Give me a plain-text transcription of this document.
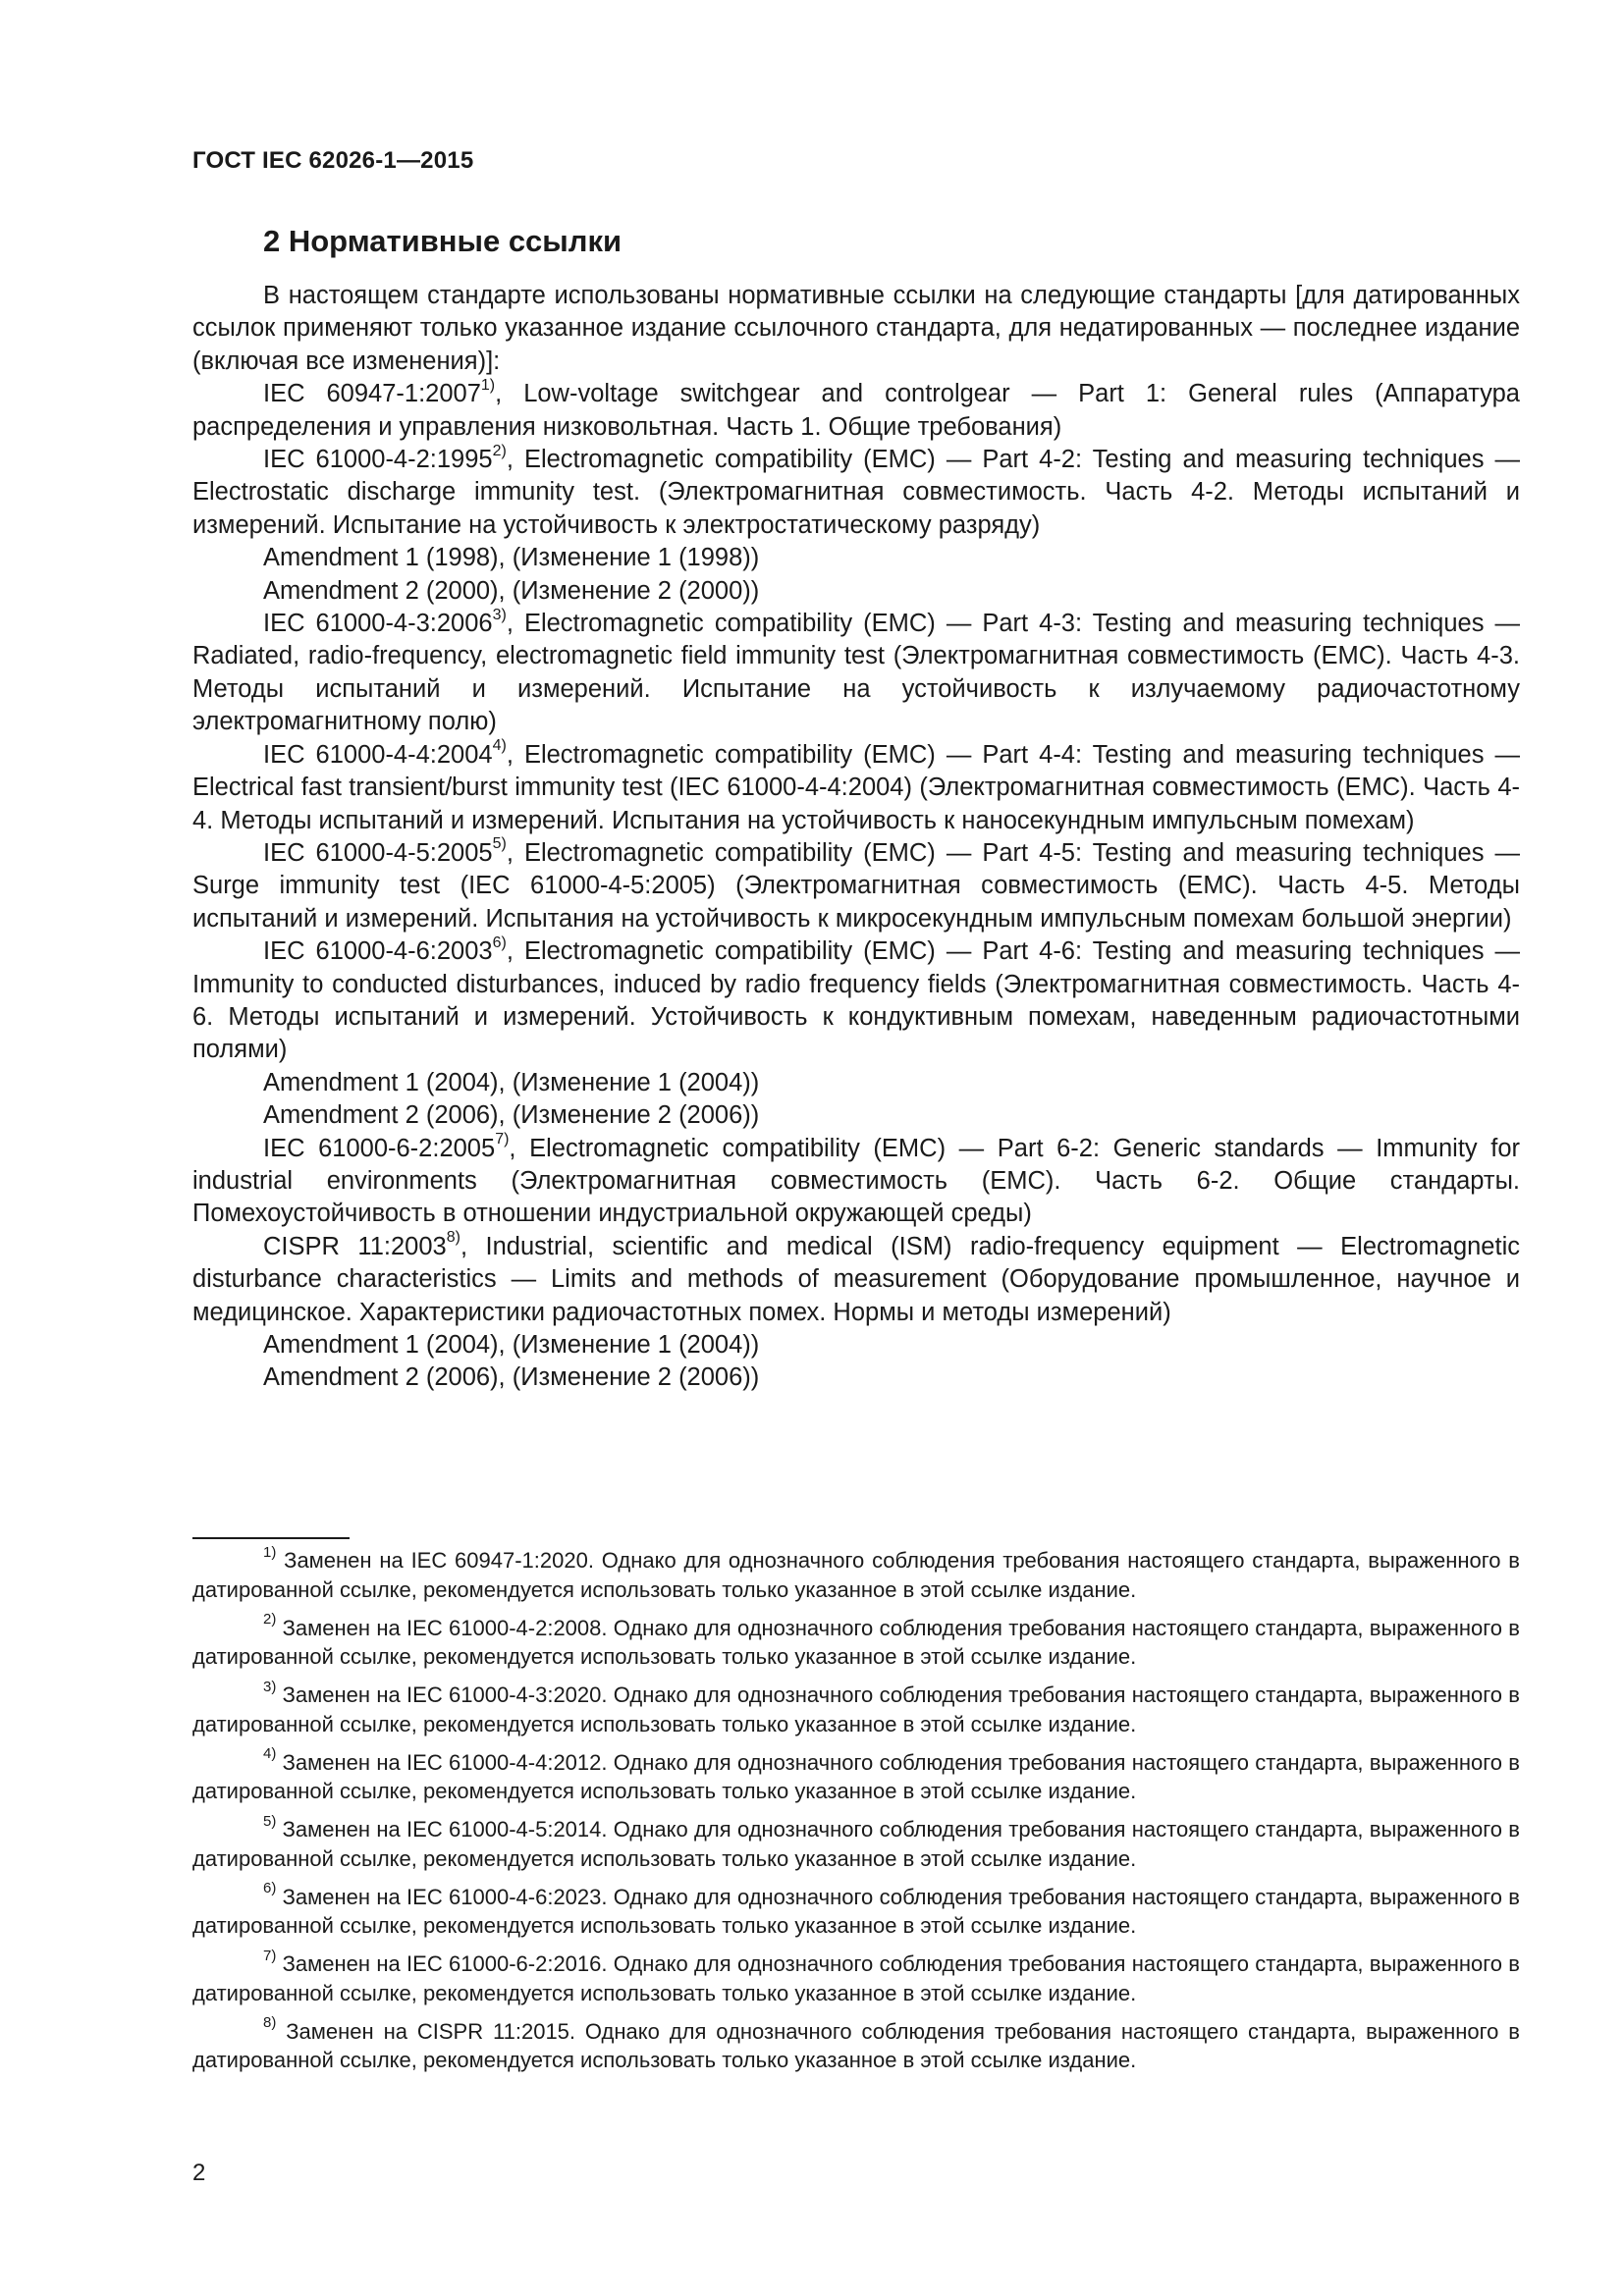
ГОСТ IEC 62026-1—2015
2 Нормативные ссылки

В настоящем стандарте использованы нормативные ссылки на следующие стандарты [для датированных ссылок применяют только указанное издание ссылочного стандарта, для недатированных — последнее издание (включая все изменения)]:

IEC 60947-1:2007$^{1)}$, Low-voltage switchgear and controlgear — Part 1: General rules (Аппаратура распределения и управления низковольтная. Часть 1. Общие требования)

IEC 61000-4-2:1995$^{2)}$, Electromagnetic compatibility (EMC) — Part 4-2: Testing and measuring techniques — Electrostatic discharge immunity test. (Электромагнитная совместимость. Часть 4-2. Методы испытаний и измерений. Испытание на устойчивость к электростатическому разряду)

Amendment 1 (1998), (Изменение 1 (1998))

Amendment 2 (2000), (Изменение 2 (2000))

IEC 61000-4-3:2006$^{3)}$, Electromagnetic compatibility (EMC) — Part 4-3: Testing and measuring techniques — Radiated, radio-frequency, electromagnetic field immunity test (Электромагнитная совместимость (EMC). Часть 4-3. Методы испытаний и измерений. Испытание на устойчивость к излучаемому радиочастотному электромагнитному полю)

IEC 61000-4-4:2004$^{4)}$, Electromagnetic compatibility (EMC) — Part 4-4: Testing and measuring techniques — Electrical fast transient/burst immunity test (IEC 61000-4-4:2004) (Электромагнитная совместимость (EMC). Часть 4-4. Методы испытаний и измерений. Испытания на устойчивость к наносекундным импульсным помехам)

IEC 61000-4-5:2005$^{5)}$, Electromagnetic compatibility (EMC) — Part 4-5: Testing and measuring techniques — Surge immunity test (IEC 61000-4-5:2005) (Электромагнитная совместимость (EMC). Часть 4-5. Методы испытаний и измерений. Испытания на устойчивость к микросекундным импульсным помехам большой энергии)

IEC 61000-4-6:2003$^{6)}$, Electromagnetic compatibility (EMC) — Part 4-6: Testing and measuring techniques — Immunity to conducted disturbances, induced by radio frequency fields (Электромагнитная совместимость. Часть 4-6. Методы испытаний и измерений. Устойчивость к кондуктивным помехам, наведенным радиочастотными полями)

Amendment 1 (2004), (Изменение 1 (2004))

Amendment 2 (2006), (Изменение 2 (2006))

IEC 61000-6-2:2005$^{7)}$, Electromagnetic compatibility (EMC) — Part 6-2: Generic standards — Immunity for industrial environments (Электромагнитная совместимость (EMC). Часть 6-2. Общие стандарты. Помехоустойчивость в отношении индустриальной окружающей среды)

CISPR 11:2003$^{8)}$, Industrial, scientific and medical (ISM) radio-frequency equipment — Electromagnetic disturbance characteristics — Limits and methods of measurement (Оборудование промышленное, научное и медицинское. Характеристики радиочастотных помех. Нормы и методы измерений)

Amendment 1 (2004), (Изменение 1 (2004))

Amendment 2 (2006), (Изменение 2 (2006))

$^{1)}$ Заменен на IEC 60947-1:2020. Однако для однозначного соблюдения требования настоящего стандарта, выраженного в датированной ссылке, рекомендуется использовать только указанное в этой ссылке издание.

$^{2)}$ Заменен на IEC 61000-4-2:2008. Однако для однозначного соблюдения требования настоящего стандарта, выраженного в датированной ссылке, рекомендуется использовать только указанное в этой ссылке издание.

$^{3)}$ Заменен на IEC 61000-4-3:2020. Однако для однозначного соблюдения требования настоящего стандарта, выраженного в датированной ссылке, рекомендуется использовать только указанное в этой ссылке издание.

$^{4)}$ Заменен на IEC 61000-4-4:2012. Однако для однозначного соблюдения требования настоящего стандарта, выраженного в датированной ссылке, рекомендуется использовать только указанное в этой ссылке издание.

$^{5)}$ Заменен на IEC 61000-4-5:2014. Однако для однозначного соблюдения требования настоящего стандарта, выраженного в датированной ссылке, рекомендуется использовать только указанное в этой ссылке издание.

$^{6)}$ Заменен на IEC 61000-4-6:2023. Однако для однозначного соблюдения требования настоящего стандарта, выраженного в датированной ссылке, рекомендуется использовать только указанное в этой ссылке издание.

$^{7)}$ Заменен на IEC 61000-6-2:2016. Однако для однозначного соблюдения требования настоящего стандарта, выраженного в датированной ссылке, рекомендуется использовать только указанное в этой ссылке издание.

$^{8)}$ Заменен на CISPR 11:2015. Однако для однозначного соблюдения требования настоящего стандарта, выраженного в датированной ссылке, рекомендуется использовать только указанное в этой ссылке издание.

2
